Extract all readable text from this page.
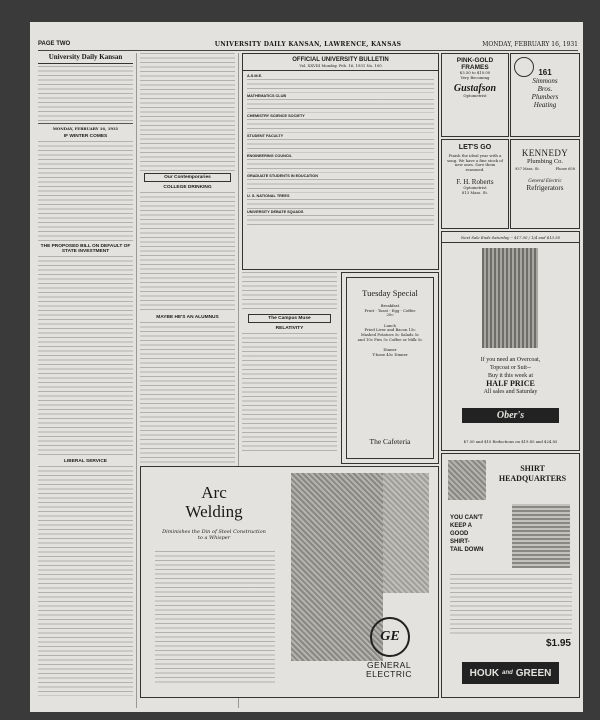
PAGE TWO	UNIVERSITY DAILY KANSAN, LAWRENCE, KANSAS	MONDAY, FEBRUARY 16, 1931
University Daily Kansan
MONDAY, FEBRUARY 16, 1931
IF WINTER COMES
THE PROPOSED BILL ON DEFAULT OF STATE INVESTMENT
LIBERAL SERVICE
Our Contemporaries
COLLEGE DRINKING
MAYBE HE'S AN ALUMNUS
OFFICIAL UNIVERSITY BULLETIN
Vol. XXVIII Monday, Feb. 16, 1931 No. 100
A.S.M.E.
MATHEMATICS CLUB
CHEMISTRY SCIENCE SOCIETY
STUDENT FACULTY
ENGINEERING COUNCIL
GRADUATE STUDENTS IN EDUCATION
U. S. NATIONAL TREES
UNIVERSITY DEBATE SQUADS
The Campus Muse
RELATIVITY
Tuesday Special
Breakfast
Fruit - Toast - Egg - Coffee
20c
Lunch
Fried Liver and Bacon 15c Mashed Potatoes 5c Salads 5c and 10c Pies 5c Coffee or Milk 5c
Dinner
T-bone 45c Dinner
The Cafeteria
Arc
Welding
Diminishes the Din of Steel Construction to a Whisper
GE
GENERAL
ELECTRIC
PINK-GOLD
FRAMES
$3.50 to $10.00
Very Becoming
Gustafson
Optometrist
161
Simmons
Bros.
Plumbers
Heating
LET'S GO
Finish the ideal year with a song. We have a fine stock of new ones. Sore them reasoned.
F. H. Roberts
Optometrist
813 Mass. St.
KENNEDY
Plumbing Co.
937 Mass. St.	Phone 658
General Electric
Refrigerators
Next Sale Ends Saturday -- $17.50 / 1/4 and $13.50
If you need an Overcoat,
Topcoat or Suit--
Buy it this week at
HALF PRICE
All sales and Saturday
Ober's
$7.50 and $10 Reductions on $19.85 and $24.85
SHIRT
HEADQUARTERS
YOU CAN'T
KEEP A
GOOD
SHIRT-
TAIL DOWN
$1.95
HOUK and GREEN
